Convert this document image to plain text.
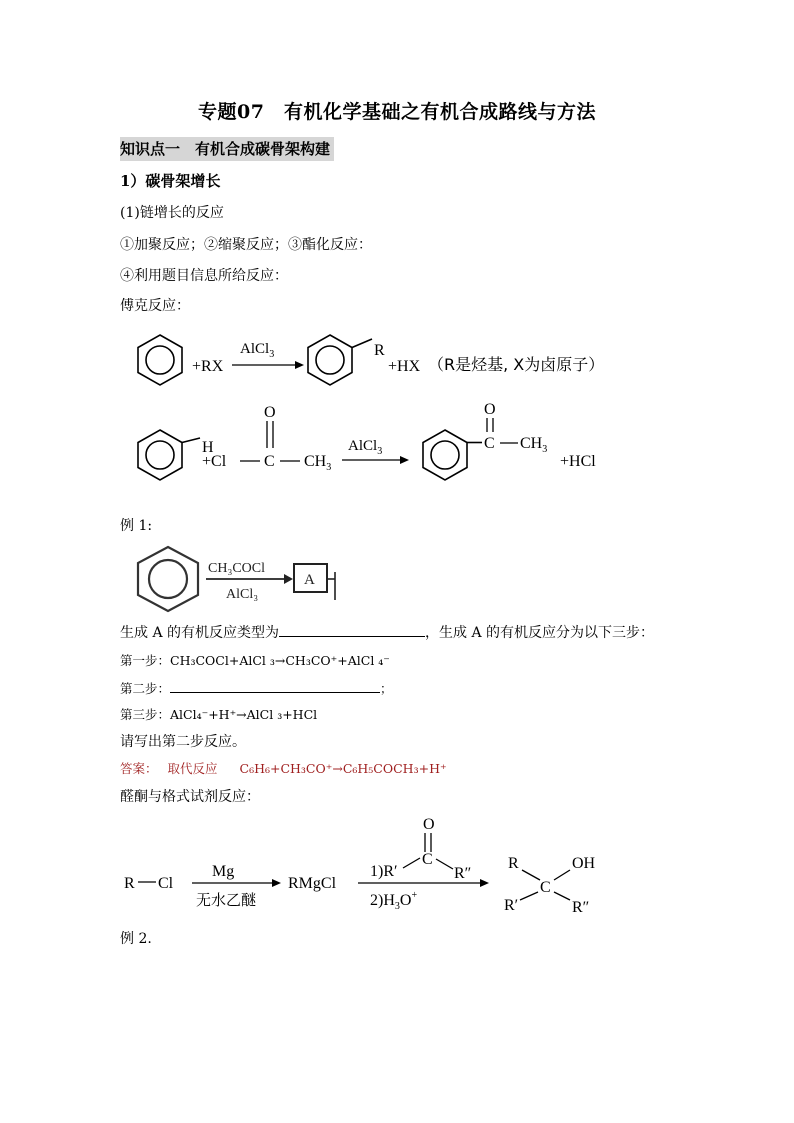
专题07　有机化学基础之有机合成路线与方法
知识点一　有机合成碳骨架构建
1）碳骨架增长
(1)链增长的反应
①加聚反应；②缩聚反应；③酯化反应：
④利用题目信息所给反应：
傅克反应：
+RX
AlCl$_3$	R
+HX （R是烃基, X为卤原子）
H
+Cl
O
C $CH_3$
AlCl$_3$
O
C $CH_3$
+HCl
例 1:
CH₃COCl
AlCl₃
A
生成 A 的有机反应类型为	，生成 A 的有机反应分为以下三步：
第一步：CH₃COCl+AlCl ₃→CH₃CO⁺+AlCl ₄⁻
第二步：	；
第三步：AlCl₄⁻+H⁺→AlCl ₃+HCl
请写出第二步反应。
答案： 取代反应 C₆H₆+CH₃CO⁺→C₆H₅COCH₃+H⁺
醛酮与格式试剂反应：
R Cl
Mg
无水乙醚
RMgCl
O
1)R′
C
R″
$2)H_3O^+$
R	OH
C
R′	R″
例 2.
